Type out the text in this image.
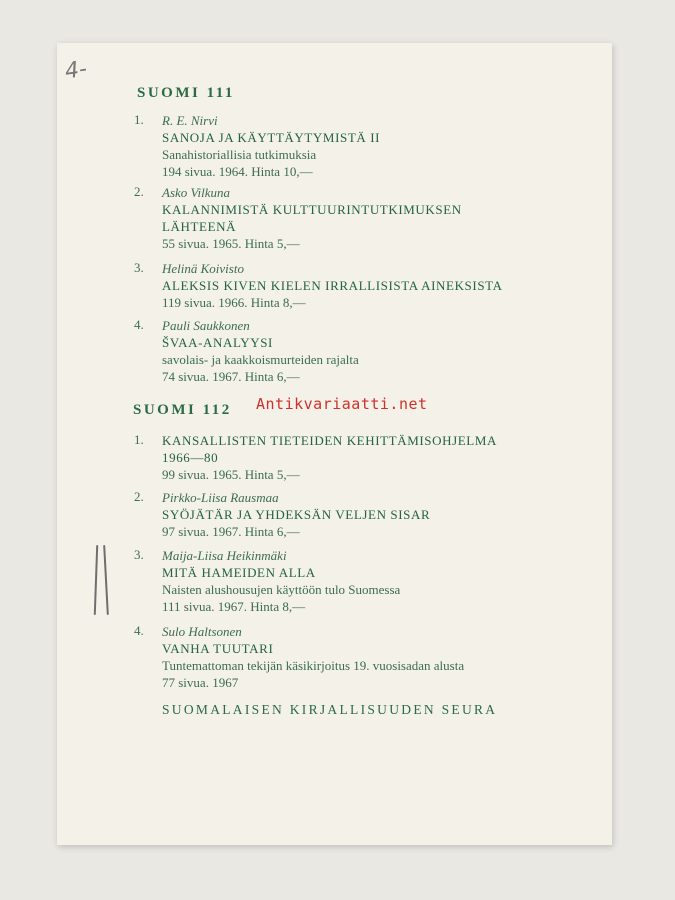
4-
SUOMI 111
1. R. E. Nirvi
SANOJA JA KÄYTTÄYTYMISTÄ II
Sanahistoriallisia tutkimuksia
194 sivua. 1964. Hinta 10,—
2. Asko Vilkuna
KALANNIMISTÄ KULTTUURINTUTKIMUKSEN
LÄHTEENÄ
55 sivua. 1965. Hinta 5,—
3. Helinä Koivisto
ALEKSIS KIVEN KIELEN IRRALLISISTA AINEKSISTA
119 sivua. 1966. Hinta 8,—
4. Pauli Saukkonen
ŠVAA-ANALYYSI
savolais- ja kaakkoismurteiden rajalta
74 sivua. 1967. Hinta 6,—
SUOMI 112
1. KANSALLISTEN TIETEIDEN KEHITTÄMISOHJELMA
1966—80
99 sivua. 1965. Hinta 5,—
2. Pirkko-Liisa Rausmaa
SYÖJÄTÄR JA YHDEKSÄN VELJEN SISAR
97 sivua. 1967. Hinta 6,—
3. Maija-Liisa Heikinmäki
MITÄ HAMEIDEN ALLA
Naisten alushousujen käyttöön tulo Suomessa
111 sivua. 1967. Hinta 8,—
4. Sulo Haltsonen
VANHA TUUTARI
Tuntemattoman tekijän käsikirjoitus 19. vuosisadan alusta
77 sivua. 1967
SUOMALAISEN KIRJALLISUUDEN SEURA
Antikvariaatti.net
